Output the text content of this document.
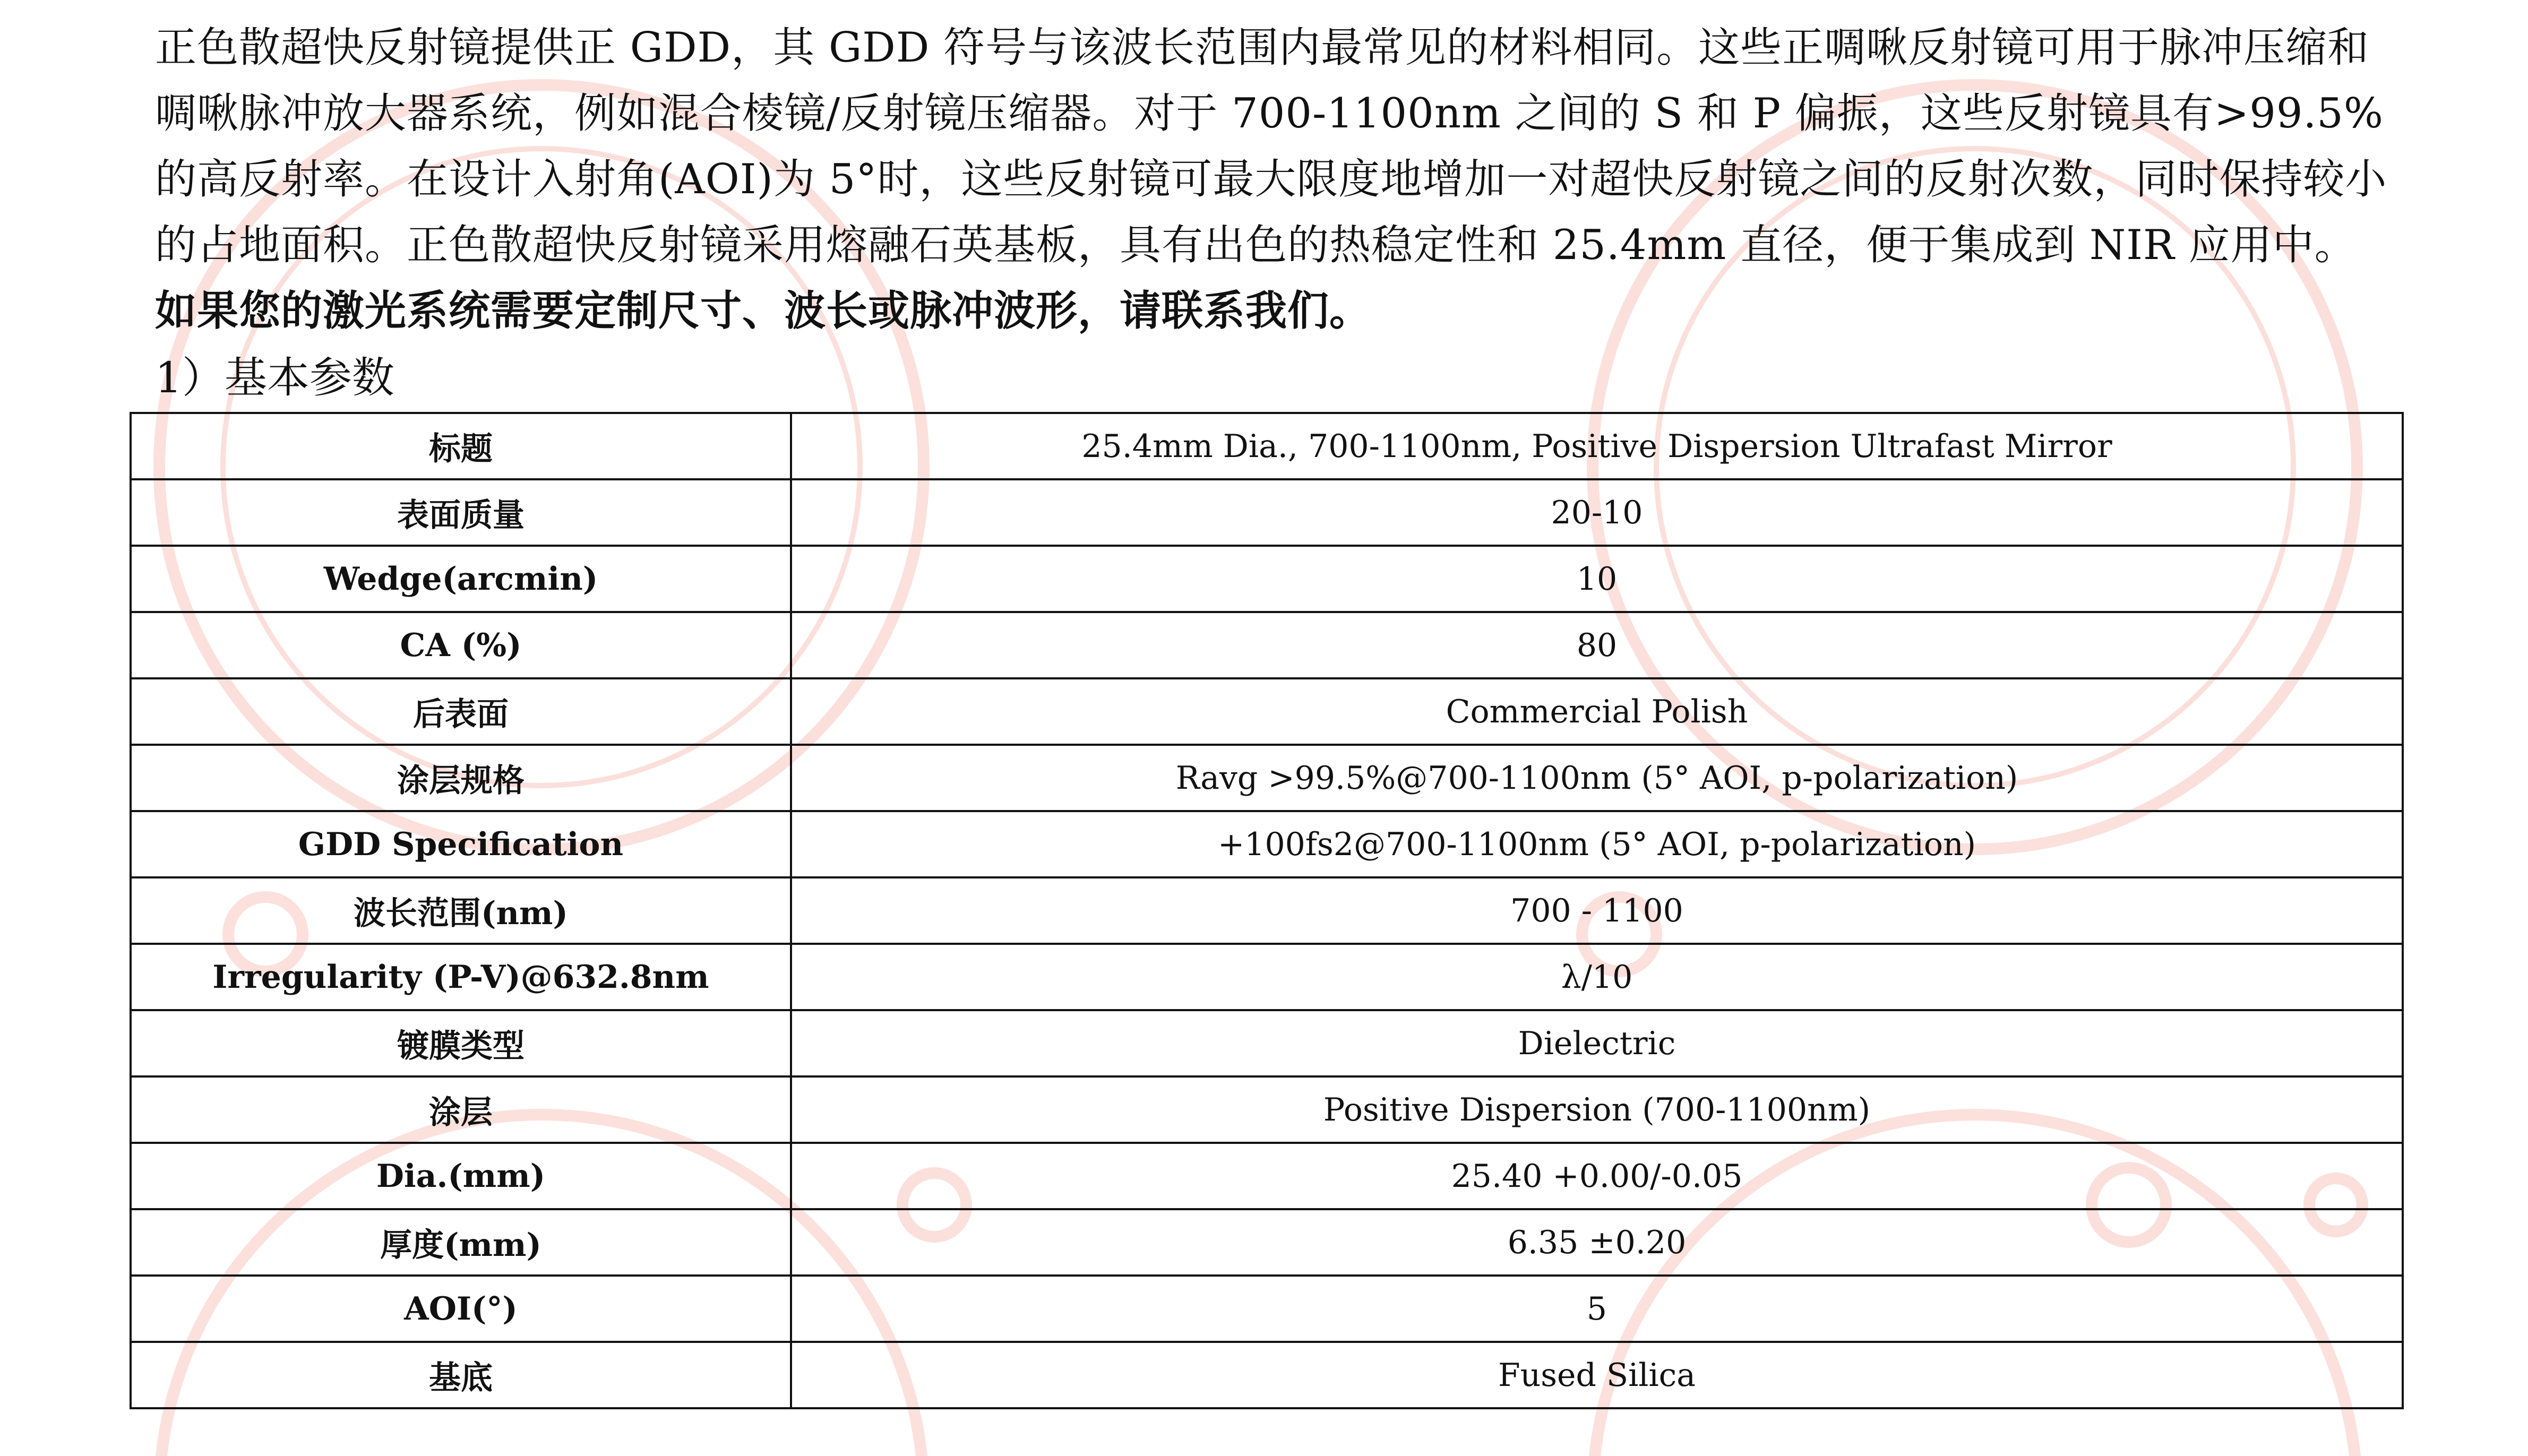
正色散超快反射镜提供正 GDD，其 GDD 符号与该波长范围内最常见的材料相同。这些正啁啾反射镜可用于脉冲压缩和啁啾脉冲放大器系统，例如混合棱镜/反射镜压缩器。对于 700-1100nm 之间的 S 和 P 偏振，这些反射镜具有>99.5%的高反射率。在设计入射角(AOI)为 5°时，这些反射镜可最大限度地增加一对超快反射镜之间的反射次数，同时保持较小的占地面积。正色散超快反射镜采用熔融石英基板，具有出色的热稳定性和 25.4mm 直径，便于集成到 NIR 应用中。如果您的激光系统需要定制尺寸、波长或脉冲波形，请联系我们。

1）基本参数

标题	25.4mm Dia., 700-1100nm, Positive Dispersion Ultrafast Mirror
表面质量	20-10
Wedge(arcmin)	10
CA (%)	80
后表面	Commercial Polish
涂层规格	Ravg >99.5%@700-1100nm (5° AOI, p-polarization)
GDD Specification	+100fs2@700-1100nm (5° AOI, p-polarization)
波长范围(nm)	700 - 1100
Irregularity (P-V)@632.8nm	λ/10
镀膜类型	Dielectric
涂层	Positive Dispersion (700-1100nm)
Dia.(mm)	25.40 +0.00/-0.05
厚度(mm)	6.35 ±0.20
AOI(°)	5
基底	Fused Silica
